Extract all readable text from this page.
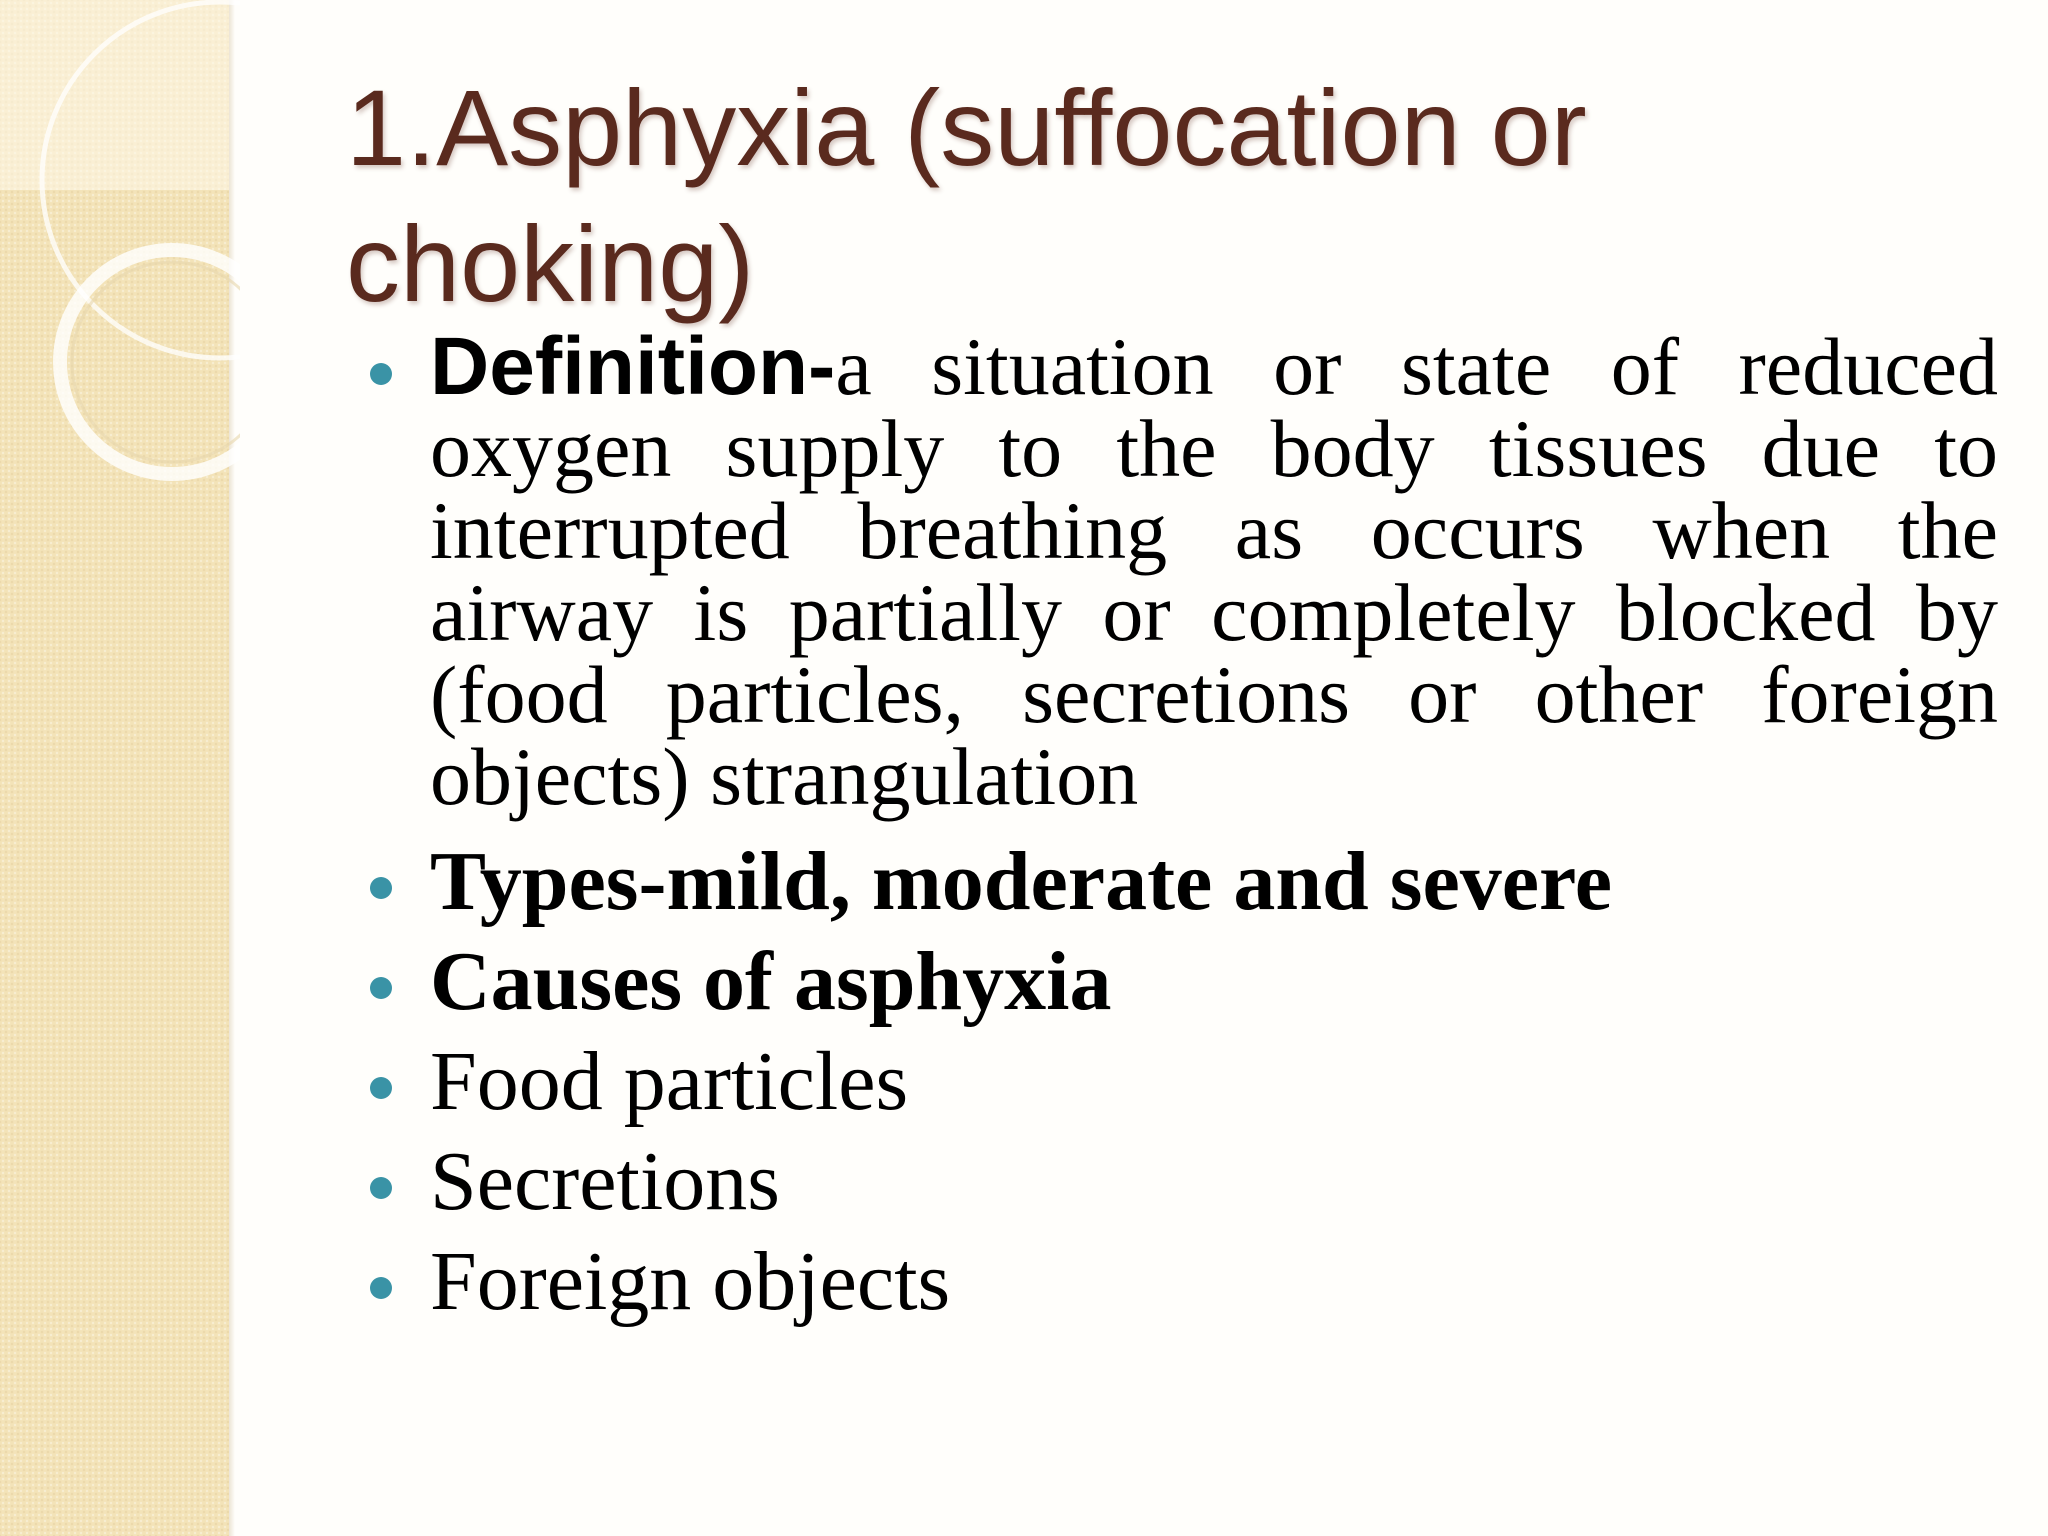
1.Asphyxia (suffocation or choking)
Definition-a situation or state of reduced oxygen supply to the body tissues due to interrupted breathing as occurs when the airway is partially or completely blocked by (food particles, secretions or other foreign objects) strangulation
Types-mild, moderate and severe
Causes of asphyxia
Food particles
Secretions
Foreign objects
